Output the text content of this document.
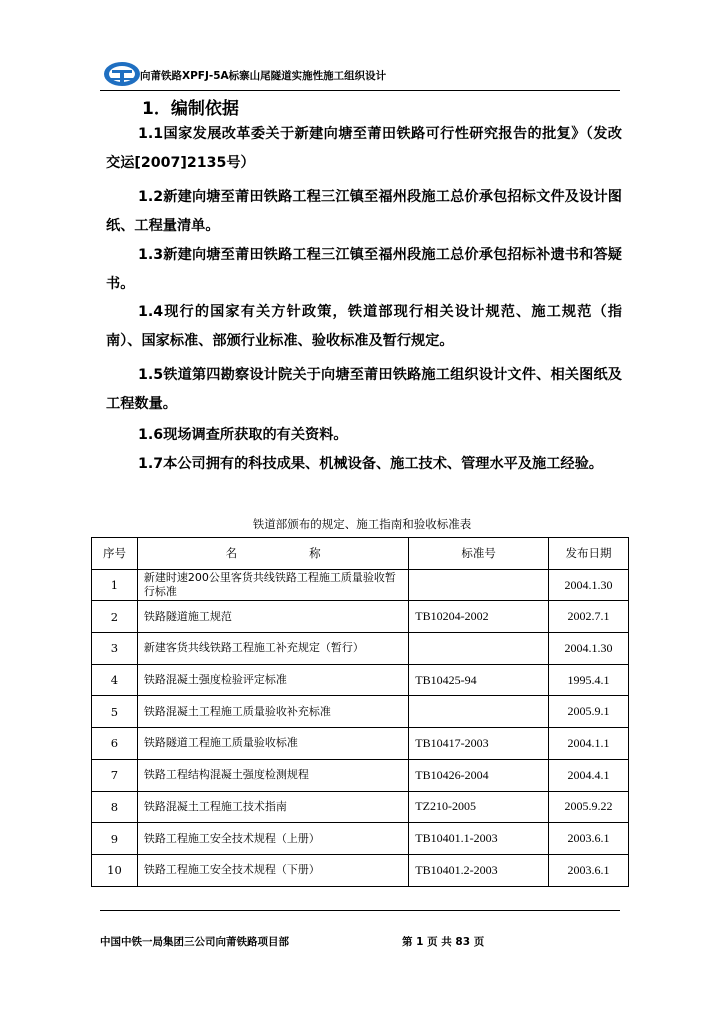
向莆铁路XPFJ-5A标寨山尾隧道实施性施工组织设计
1．编制依据
1.1国家发展改革委关于新建向塘至莆田铁路可行性研究报告的批复》（发改交运[2007]2135号）
1.2新建向塘至莆田铁路工程三江镇至福州段施工总价承包招标文件及设计图纸、工程量清单。
1.3新建向塘至莆田铁路工程三江镇至福州段施工总价承包招标补遗书和答疑书。
1.4现行的国家有关方针政策，铁道部现行相关设计规范、施工规范（指南）、国家标准、部颁行业标准、验收标准及暂行规定。
1.5铁道第四勘察设计院关于向塘至莆田铁路施工组织设计文件、相关图纸及工程数量。
1.6现场调查所获取的有关资料。
1.7本公司拥有的科技成果、机械设备、施工技术、管理水平及施工经验。
铁道部颁布的规定、施工指南和验收标准表
序号	名 称	标准号	发布日期
1	新建时速200公里客货共线铁路工程施工质量验收暂行标准		2004.1.30
2	铁路隧道施工规范	TB10204-2002	2002.7.1
3	新建客货共线铁路工程施工补充规定（暂行）		2004.1.30
4	铁路混凝土强度检验评定标准	TB10425-94	1995.4.1
5	铁路混凝土工程施工质量验收补充标准		2005.9.1
6	铁路隧道工程施工质量验收标准	TB10417-2003	2004.1.1
7	铁路工程结构混凝土强度检测规程	TB10426-2004	2004.4.1
8	铁路混凝土工程施工技术指南	TZ210-2005	2005.9.22
9	铁路工程施工安全技术规程（上册）	TB10401.1-2003	2003.6.1
10	铁路工程施工安全技术规程（下册）	TB10401.2-2003	2003.6.1
中国中铁一局集团三公司向莆铁路项目部	第 1 页 共 83 页
